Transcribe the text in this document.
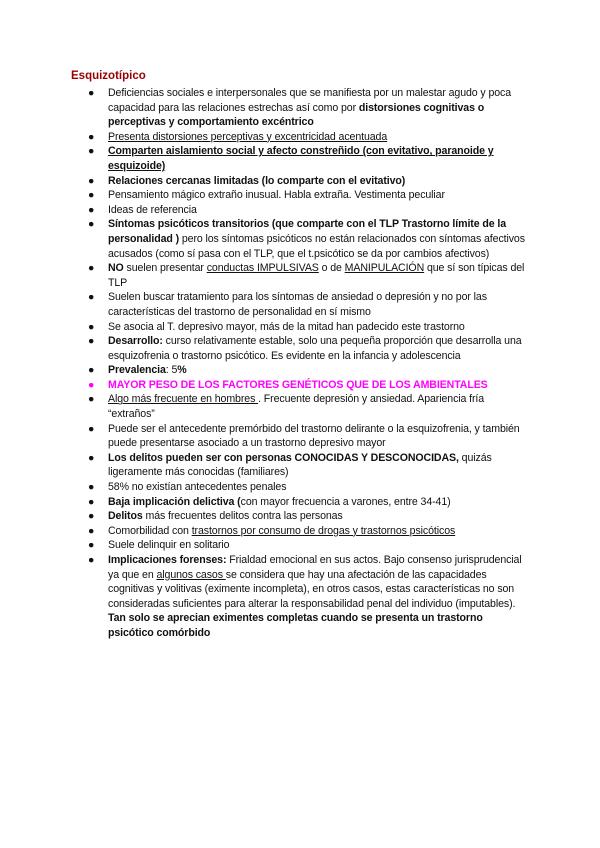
Esquizotípico
●	Deficiencias sociales e interpersonales que se manifiesta por un malestar agudo y poca capacidad para las relaciones estrechas así como por distorsiones cognitivas o perceptivas y comportamiento excéntrico
●	Presenta distorsiones perceptivas y excentricidad acentuada
●	Comparten aislamiento social y afecto constreñido (con evitativo, paranoide y esquizoide)
●	Relaciones cercanas limitadas (lo comparte con el evitativo)
●	Pensamiento mágico extraño inusual. Habla extraña. Vestimenta peculiar
●	Ideas de referencia
●	Síntomas psicóticos transitorios (que comparte con el TLP Trastorno límite de la personalidad ) pero los síntomas psicóticos no están relacionados con síntomas afectivos acusados (como sí pasa con el TLP, que el t.psicótico se da por cambios afectivos)
●	NO suelen presentar conductas IMPULSIVAS o de MANIPULACIÓN que sí son típicas del TLP
●	Suelen buscar tratamiento para los síntomas de ansiedad o depresión y no por las características del trastorno de personalidad en sí mismo
●	Se asocia al T. depresivo mayor, más de la mitad han padecido este trastorno
●	Desarrollo: curso relativamente estable, solo una pequeña proporción que desarrolla una esquizofrenia o trastorno psicótico. Es evidente en la infancia y adolescencia
●	Prevalencia: 5%
●	MAYOR PESO DE LOS FACTORES GENÉTICOS QUE DE LOS AMBIENTALES
●	Algo más frecuente en hombres . Frecuente depresión y ansiedad. Apariencia fría “extraños”
●	Puede ser el antecedente premórbido del trastorno delirante o la esquizofrenia, y también puede presentarse asociado a un trastorno depresivo mayor
●	Los delitos pueden ser con personas CONOCIDAS Y DESCONOCIDAS, quizás ligeramente más conocidas (familiares)
●	58% no existían antecedentes penales
●	Baja implicación delictiva (con mayor frecuencia a varones, entre 34-41)
●	Delitos más frecuentes delitos contra las personas
●	Comorbilidad con trastornos por consumo de drogas y trastornos psicóticos
●	Suele delinquir en solitario
●	Implicaciones forenses: Frialdad emocional en sus actos. Bajo consenso jurisprudencial ya que en algunos casos se considera que hay una afectación de las capacidades cognitivas y volitivas (eximente incompleta), en otros casos, estas características no son consideradas suficientes para alterar la responsabilidad penal del individuo (imputables). Tan solo se aprecian eximentes completas cuando se presenta un trastorno psicótico comórbido
